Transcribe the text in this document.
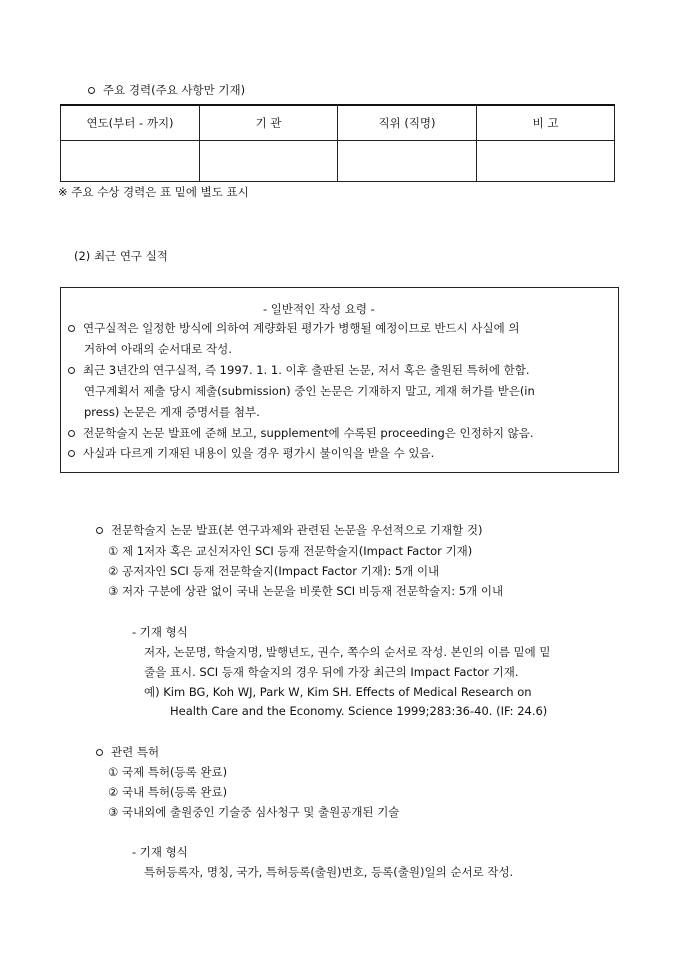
주요 경력(주요 사항만 기재)
연도(부터 - 까지)	기 관	직위 (직명)	비 고

※ 주요 수상 경력은 표 밑에 별도 표시
(2) 최근 연구 실적
- 일반적인 작성 요령 -
연구실적은 일정한 방식에 의하여 계량화된 평가가 병행될 예정이므로 반드시 사실에 의
거하여 아래의 순서대로 작성.
최근 3년간의 연구실적, 즉 1997. 1. 1. 이후 출판된 논문, 저서 혹은 출원된 특허에 한함.
연구계획서 제출 당시 제출(submission) 중인 논문은 기재하지 말고, 게재 허가를 받은(in
press) 논문은 게재 증명서를 첨부.
전문학술지 논문 발표에 준해 보고, supplement에 수록된 proceeding은 인정하지 않음.
사실과 다르게 기재된 내용이 있을 경우 평가시 불이익을 받을 수 있음.
전문학술지 논문 발표(본 연구과제와 관련된 논문을 우선적으로 기재할 것)
① 제 1저자 혹은 교신저자인 SCI 등재 전문학술지(Impact Factor 기재)
② 공저자인 SCI 등재 전문학술지(Impact Factor 기재): 5개 이내
③ 저자 구분에 상관 없이 국내 논문을 비롯한 SCI 비등재 전문학술지: 5개 이내
- 기재 형식
저자, 논문명, 학술지명, 발행년도, 권수, 쪽수의 순서로 작성. 본인의 이름 밑에 밑
줄을 표시. SCI 등재 학술지의 경우 뒤에 가장 최근의 Impact Factor 기재.
예) Kim BG, Koh WJ, Park W, Kim SH. Effects of Medical Research on
Health Care and the Economy. Science 1999;283:36-40. (IF: 24.6)
관련 특허
① 국제 특허(등록 완료)
② 국내 특허(등록 완료)
③ 국내외에 출원중인 기술중 심사청구 및 출원공개된 기술
- 기재 형식
특허등록자, 명칭, 국가, 특허등록(출원)번호, 등록(출원)일의 순서로 작성.
